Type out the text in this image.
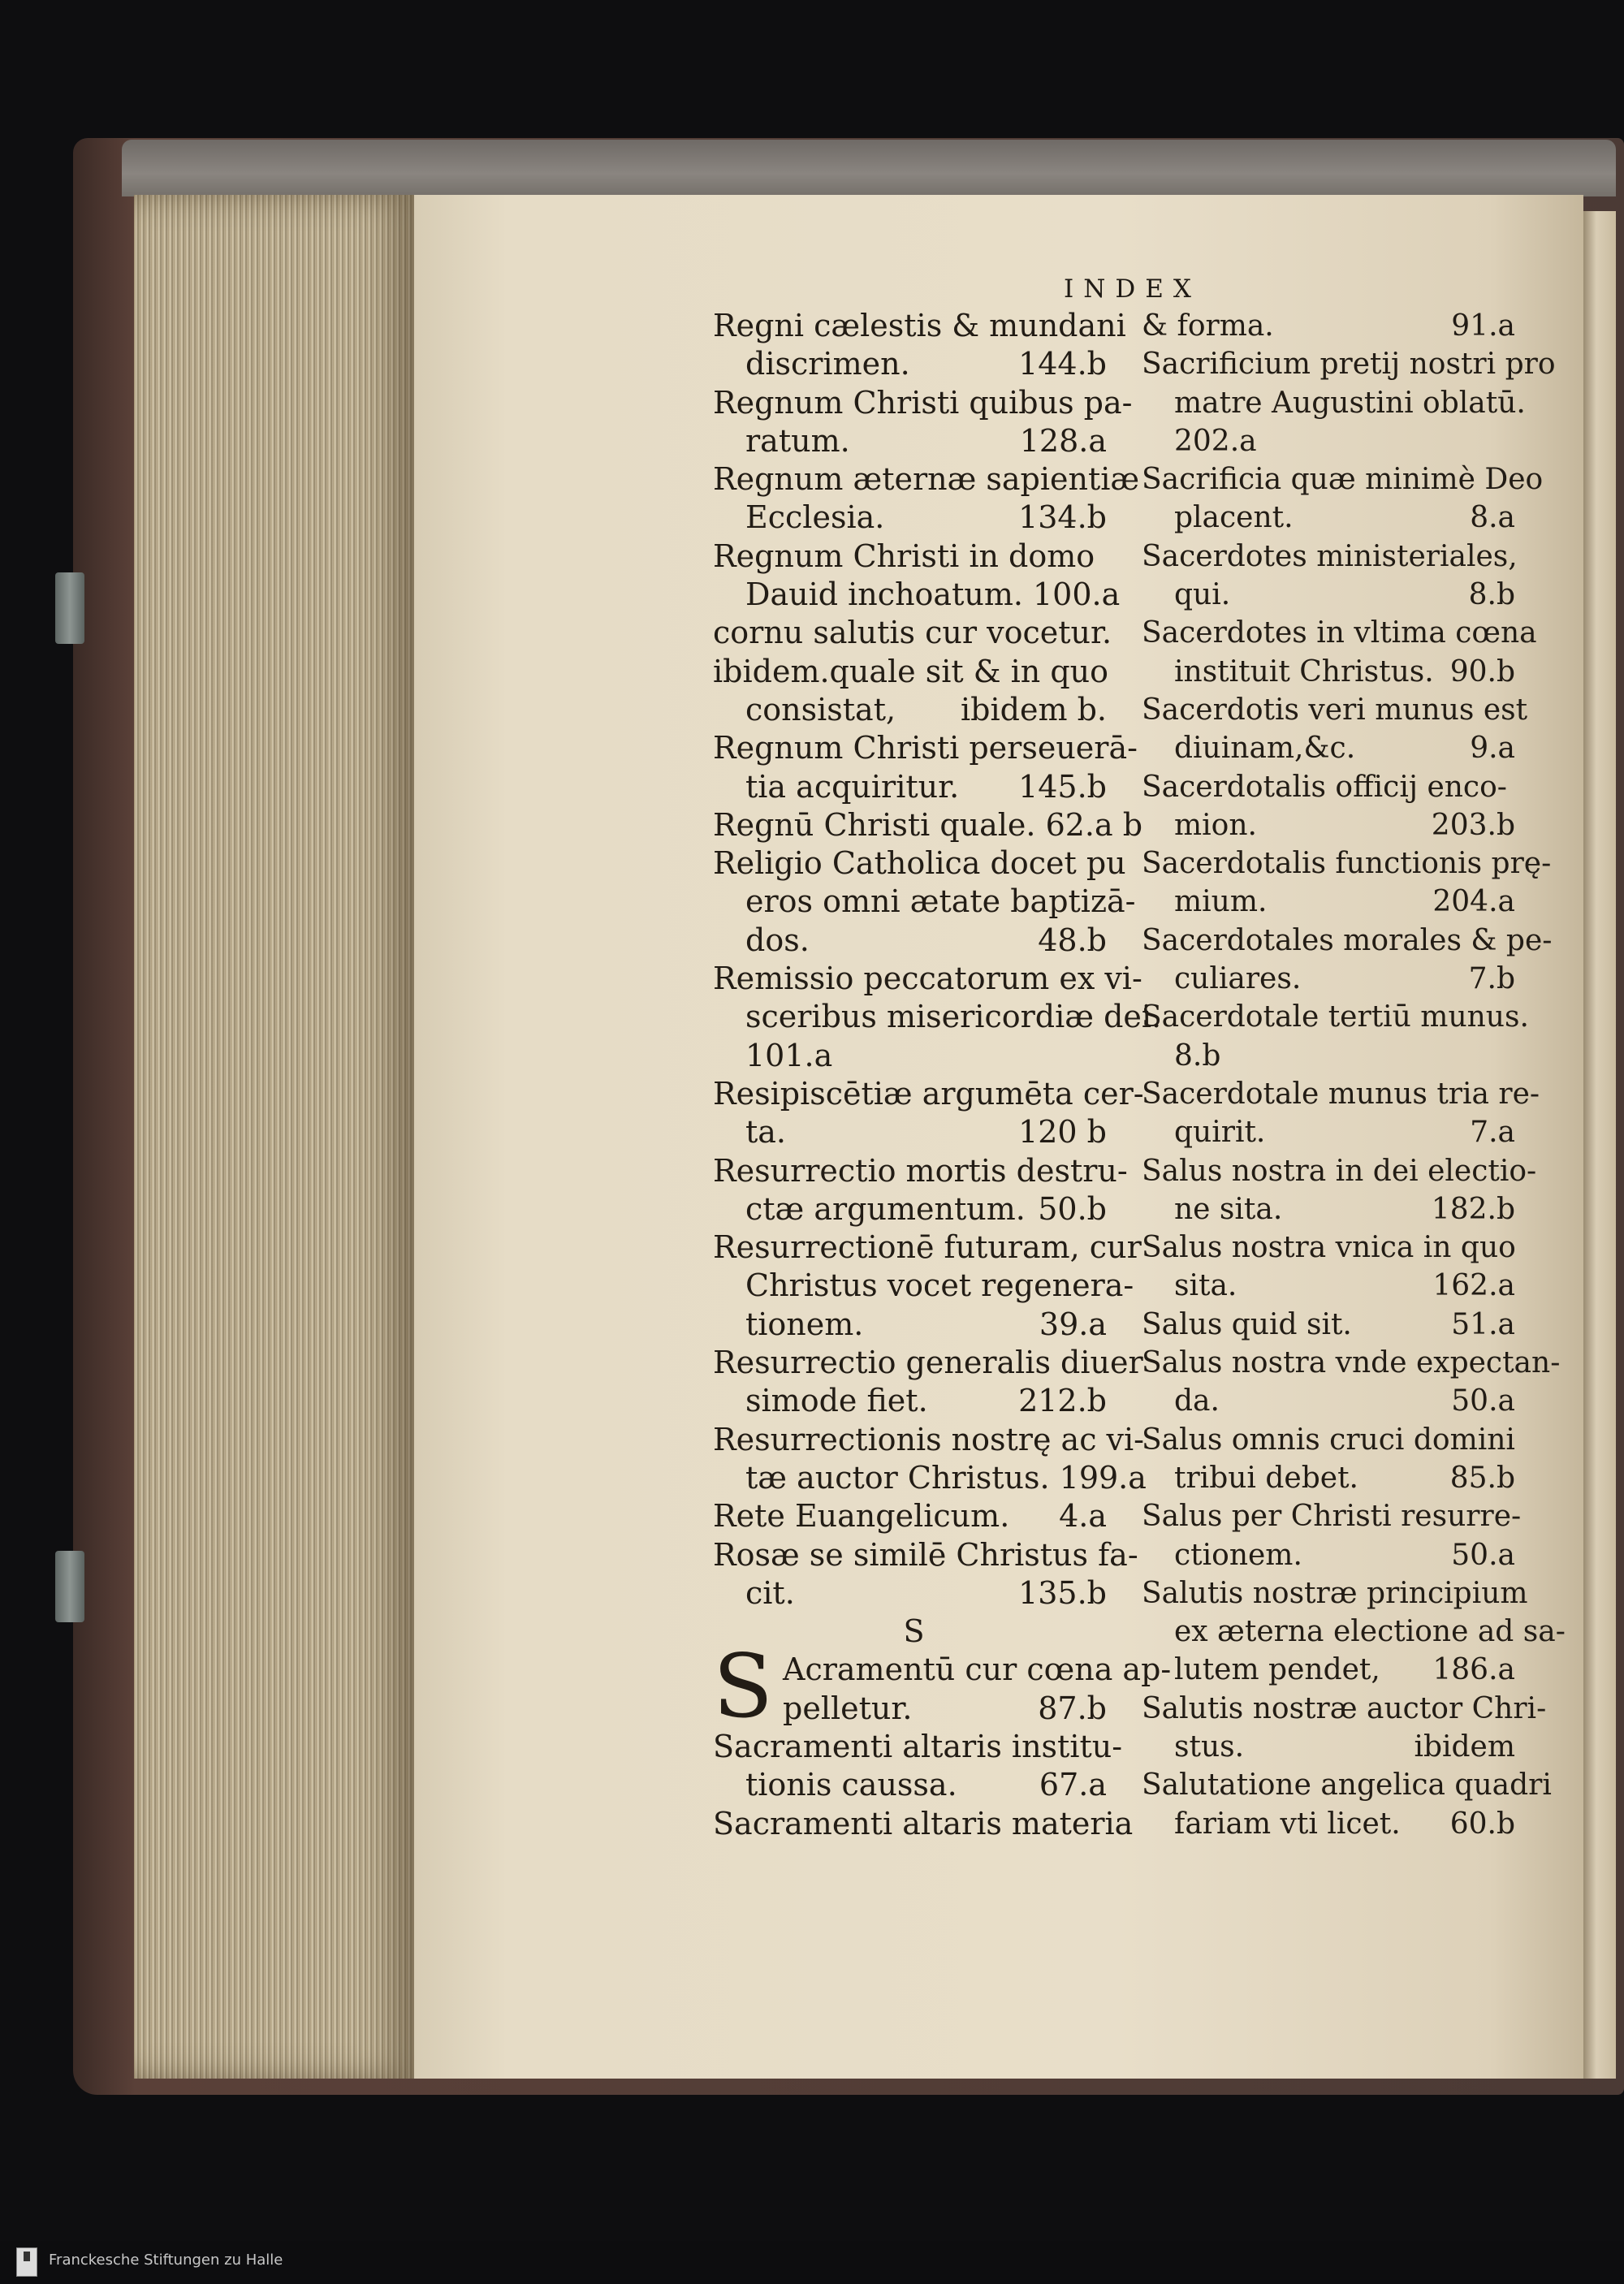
INDEX
Regni cælestis & mundani
discrimen.	144.b
Regnum Christi quibus pa-
ratum.	128.a
Regnum æternæ sapientiæ
Ecclesia.	134.b
Regnum Christi in domo
Dauid inchoatum. 100.a
cornu salutis cur vocetur.
ibidem.quale sit & in quo
consistat, ibidem b.
Regnum Christi perseuerā-
tia acquiritur. 145.b
Regnū Christi quale. 62.a b
Religio Catholica docet pu
eros omni ætate baptizā-
dos.	48.b
Remissio peccatorum ex vi-
sceribus misericordiæ dei.
101.a
Resipiscētiæ argumēta cer-
ta.	120 b
Resurrectio mortis destru-
ctæ argumentum. 50.b
Resurrectionē futuram, cur
Christus vocet regenera-
tionem.	39.a
Resurrectio generalis diuer
simode fiet.	212.b
Resurrectionis nostrę ac vi-
tæ auctor Christus. 199.a
Rete Euangelicum. 4.a
Rosæ se similē Christus fa-
cit.	135.b
S
S Acramentū cur cœna ap-
pelletur.	87.b
Sacramenti altaris institu-
tionis caussa.	67.a
Sacramenti altaris materia
& forma.	91.a
Sacrificium pretij nostri pro
matre Augustini oblatū.
202.a
Sacrificia quæ minimè Deo
placent.	8.a
Sacerdotes ministeriales,
qui.	8.b
Sacerdotes in vltima cœna
instituit Christus. 90.b
Sacerdotis veri munus est
diuinam,&c.	9.a
Sacerdotalis officij enco-
mion.	203.b
Sacerdotalis functionis prę-
mium.	204.a
Sacerdotales morales & pe-
culiares.	7.b
Sacerdotale tertiū munus.
8.b
Sacerdotale munus tria re-
quirit.	7.a
Salus nostra in dei electio-
ne sita.	182.b
Salus nostra vnica in quo
sita.	162.a
Salus quid sit.	51.a
Salus nostra vnde expectan-
da.	50.a
Salus omnis cruci domini
tribui debet.	85.b
Salus per Christi resurre-
ctionem.	50.a
Salutis nostræ principium
ex æterna electione ad sa-
lutem pendet, 186.a
Salutis nostræ auctor Chri-
stus.	ibidem
Salutatione angelica quadri
fariam vti licet. 60.b
Franckesche Stiftungen zu Halle
